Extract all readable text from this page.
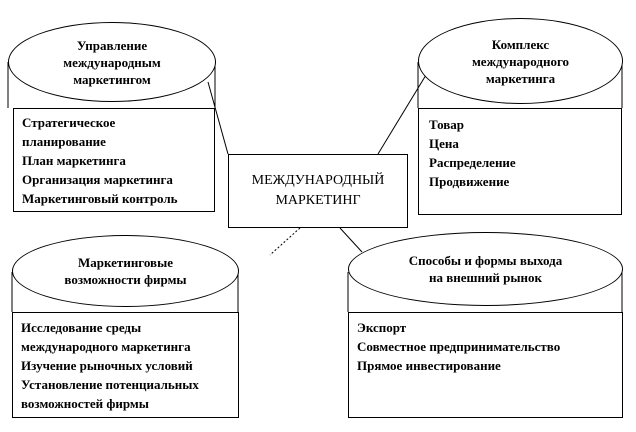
Управление
международным
маркетингом
Стратегическое
планирование
План маркетинга
Организация маркетинга
Маркетинговый контроль
Комплекс
международного
маркетинга
Товар
Цена
Распределение
Продвижение
МЕЖДУНАРОДНЫЙ
МАРКЕТИНГ
Маркетинговые
возможности фирмы
Исследование среды
международного маркетинга
Изучение рыночных условий
Установление потенциальных
возможностей фирмы
Способы и формы выхода
на внешний рынок
Экспорт
Совместное предпринимательство
Прямое инвестирование
